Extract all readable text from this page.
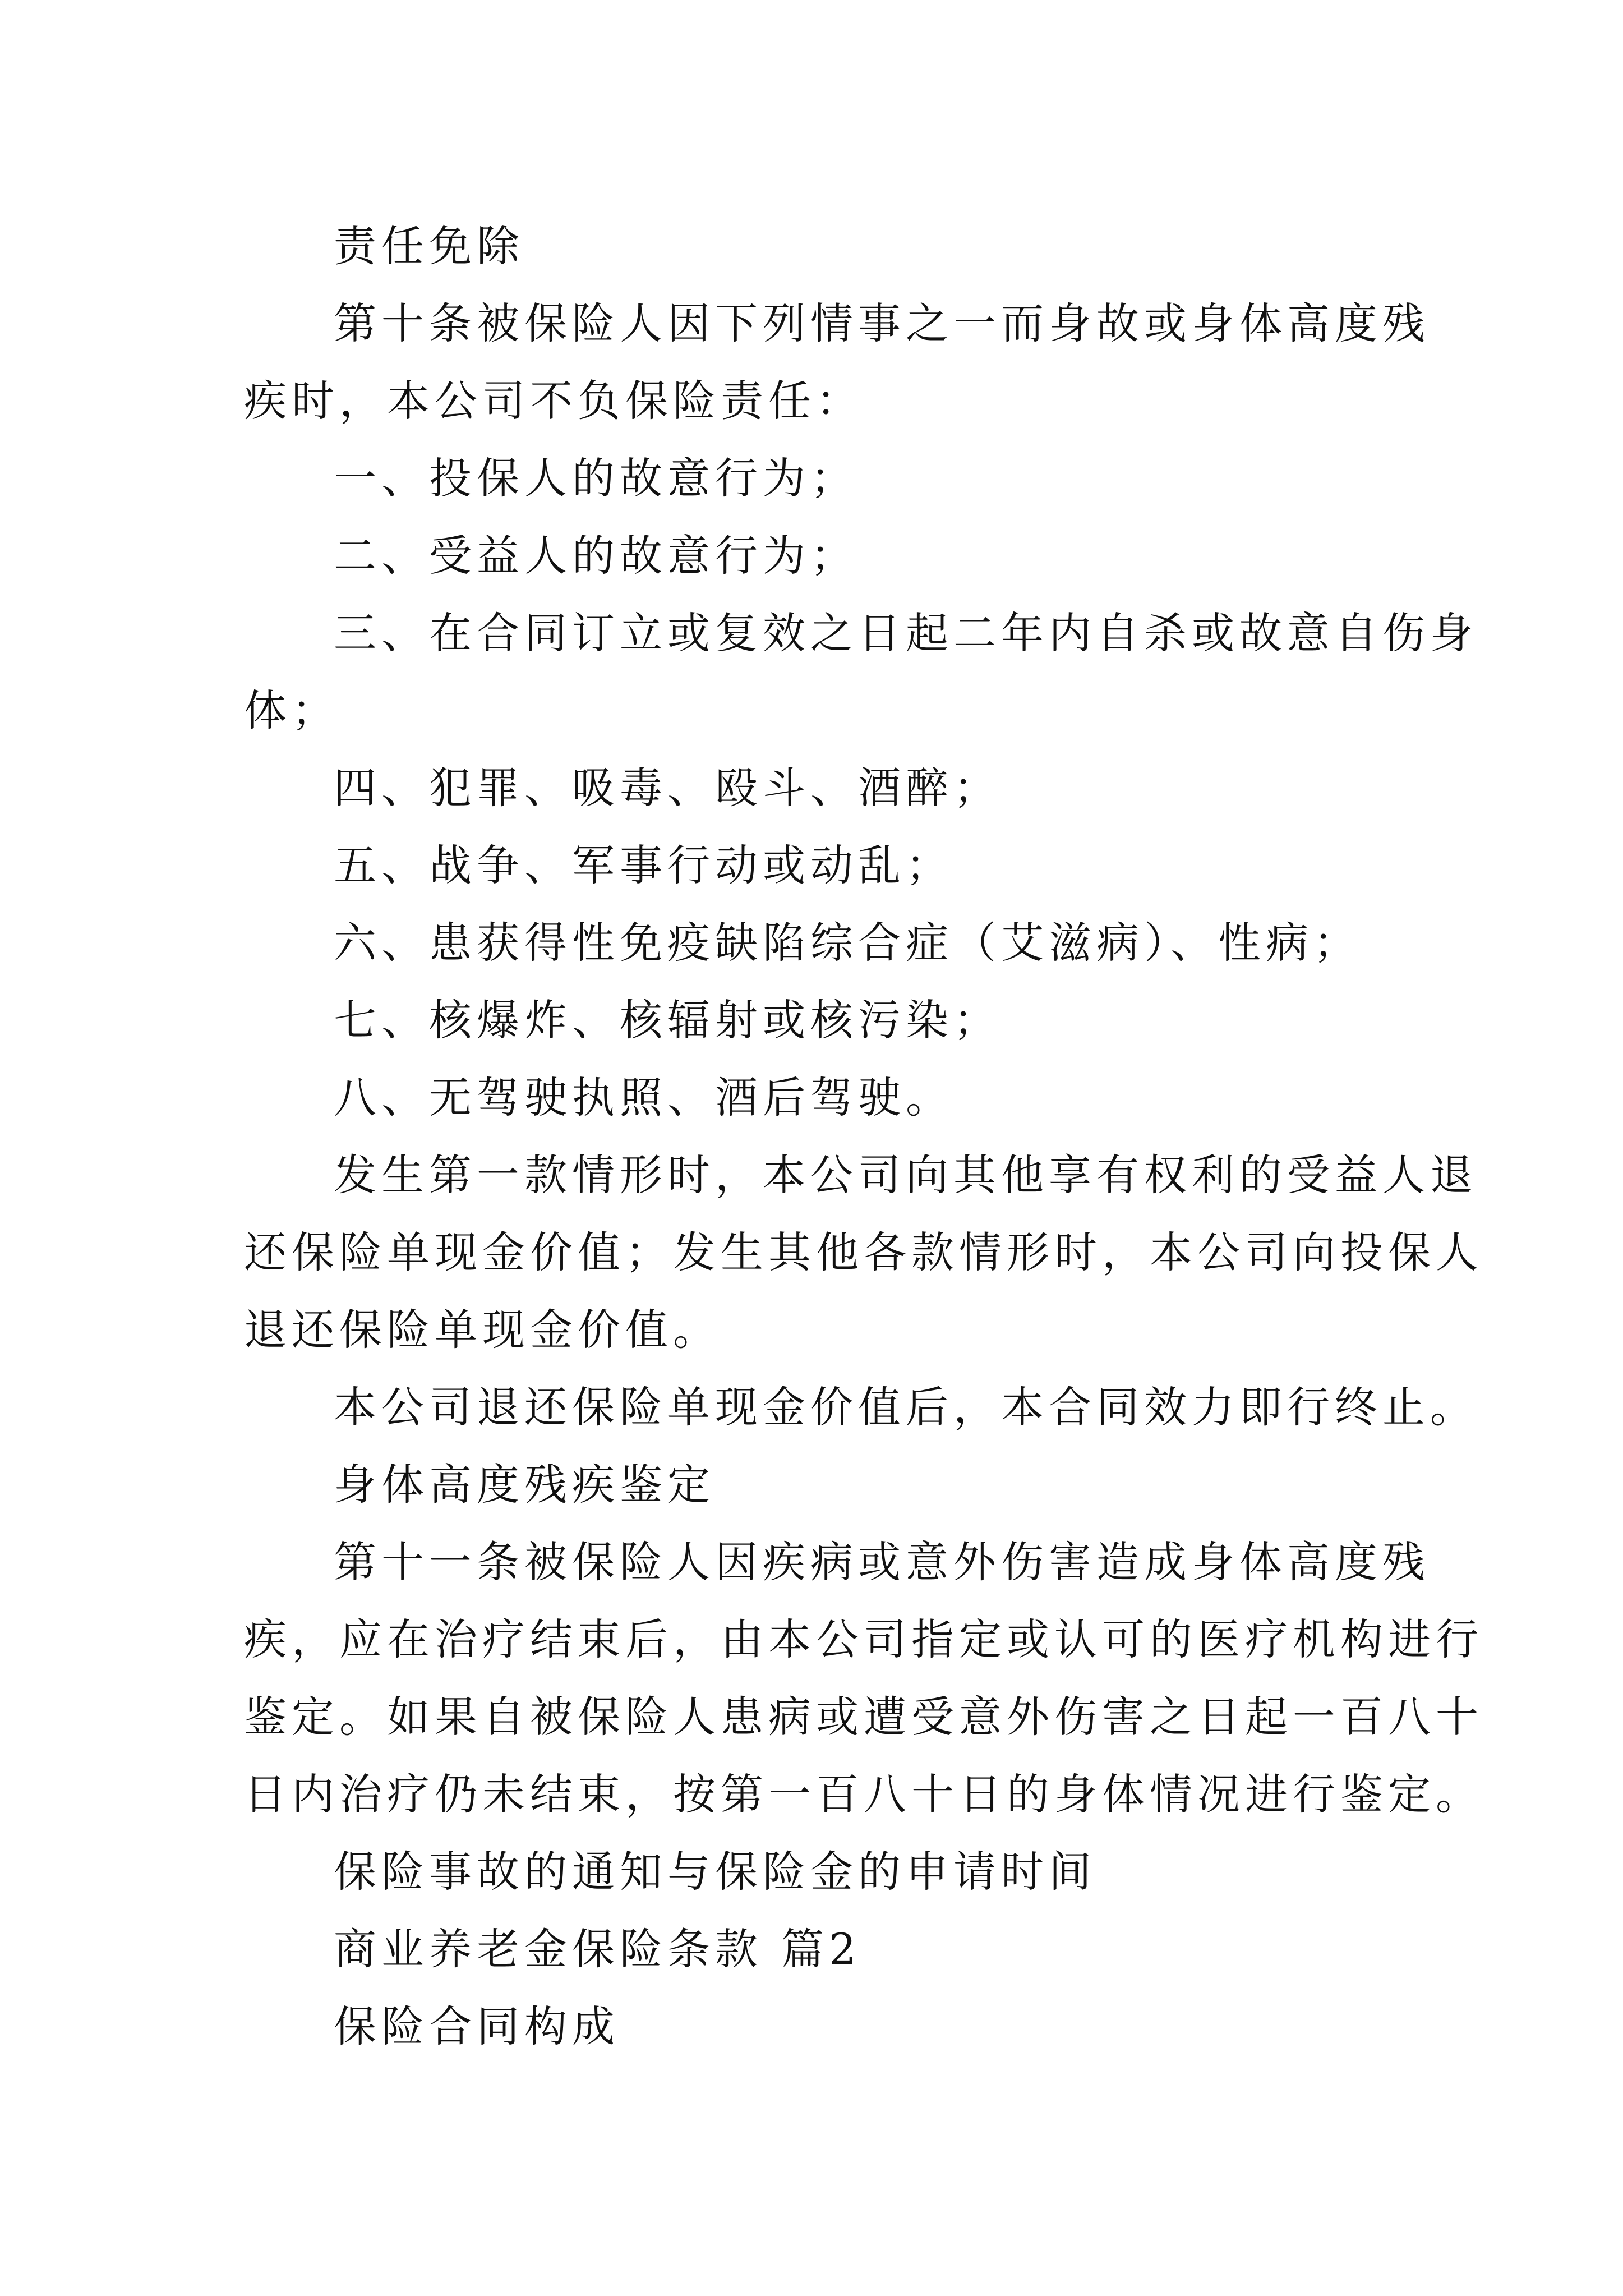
责任免除
第十条被保险人因下列情事之一而身故或身体高度残
疾时，本公司不负保险责任：
一、投保人的故意行为；
二、受益人的故意行为；
三、在合同订立或复效之日起二年内自杀或故意自伤身
体；
四、犯罪、吸毒、殴斗、酒醉；
五、战争、军事行动或动乱；
六、患获得性免疫缺陷综合症（艾滋病）、性病；
七、核爆炸、核辐射或核污染；
八、无驾驶执照、酒后驾驶。
发生第一款情形时，本公司向其他享有权利的受益人退
还保险单现金价值；发生其他各款情形时，本公司向投保人
退还保险单现金价值。
本公司退还保险单现金价值后，本合同效力即行终止。
身体高度残疾鉴定
第十一条被保险人因疾病或意外伤害造成身体高度残
疾，应在治疗结束后，由本公司指定或认可的医疗机构进行
鉴定。如果自被保险人患病或遭受意外伤害之日起一百八十
日内治疗仍未结束，按第一百八十日的身体情况进行鉴定。
保险事故的通知与保险金的申请时间
商业养老金保险条款 篇2
保险合同构成
